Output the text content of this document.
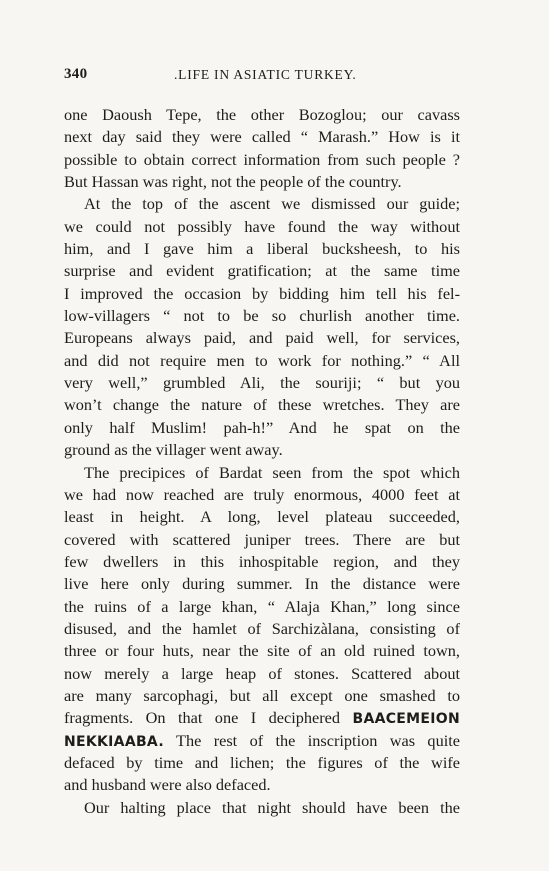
340	.LIFE IN ASIATIC TURKEY.
one Daoush Tepe, the other Bozoglou; our cavass
next day said they were called “ Marash.” How is it
possible to obtain correct information from such people ?
But Hassan was right, not the people of the country.
At the top of the ascent we dismissed our guide;
we could not possibly have found the way without
him, and I gave him a liberal bucksheesh, to his
surprise and evident gratification; at the same time
I improved the occasion by bidding him tell his fel-
low-villagers “ not to be so churlish another time.
Europeans always paid, and paid well, for services,
and did not require men to work for nothing.” “ All
very well,” grumbled Ali, the souriji; “ but you
won’t change the nature of these wretches. They are
only half Muslim! pah-h!” And he spat on the
ground as the villager went away.
The precipices of Bardat seen from the spot which
we had now reached are truly enormous, 4000 feet at
least in height. A long, level plateau succeeded,
covered with scattered juniper trees. There are but
few dwellers in this inhospitable region, and they
live here only during summer. In the distance were
the ruins of a large khan, “ Alaja Khan,” long since
disused, and the hamlet of Sarchizàlana, consisting of
three or four huts, near the site of an old ruined town,
now merely a large heap of stones. Scattered about
are many sarcophagi, but all except one smashed to
fragments. On that one I deciphered BAAϹEMEION
NEKKIAABA. The rest of the inscription was quite
defaced by time and lichen; the figures of the wife
and husband were also defaced.
Our halting place that night should have been the
